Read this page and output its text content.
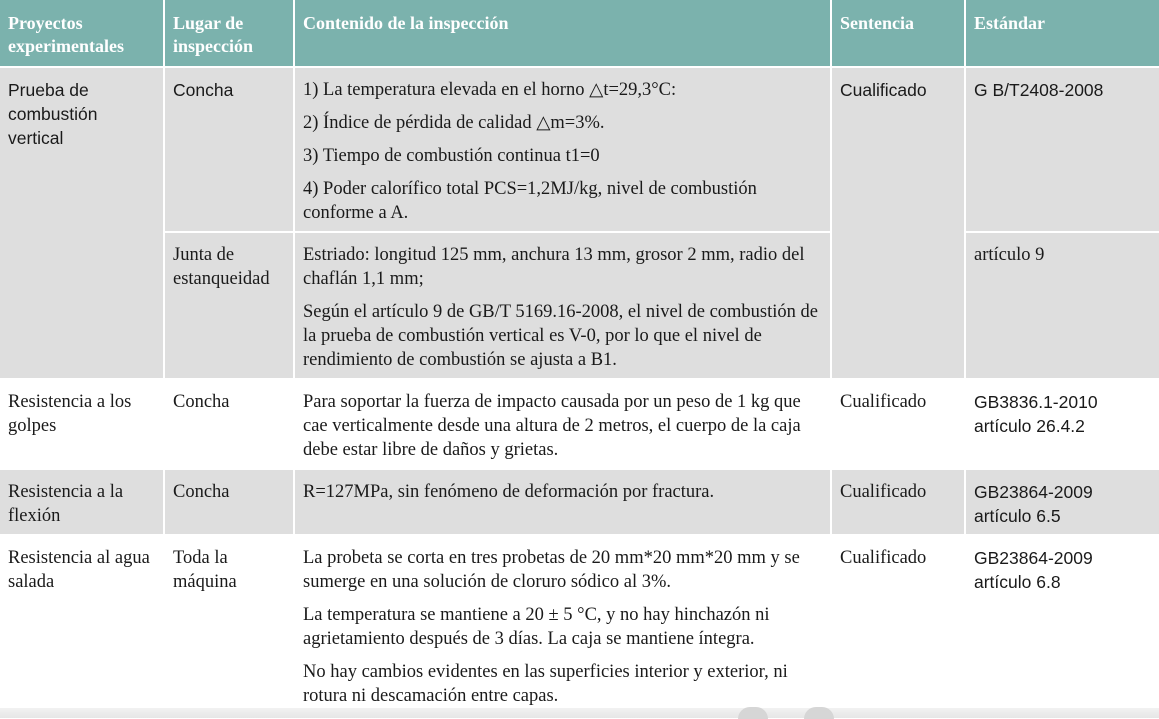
Proyectos experimentales	Lugar de inspección	Contenido de la inspección	Sentencia	Estándar
Prueba de combustión vertical	Concha	1) La temperatura elevada en el horno △t=29,3°C:
2) Índice de pérdida de calidad △m=3%.
3) Tiempo de combustión continua t1=0
4) Poder calorífico total PCS=1,2MJ/kg, nivel de combustión conforme a A.	Cualificado	G B/T2408-2008
	Junta de estanqueidad	Estriado: longitud 125 mm, anchura 13 mm, grosor 2 mm, radio del chaflán 1,1 mm;
Según el artículo 9 de GB/T 5169.16-2008, el nivel de combustión de la prueba de combustión vertical es V-0, por lo que el nivel de rendimiento de combustión se ajusta a B1.		artículo 9
Resistencia a los golpes	Concha	Para soportar la fuerza de impacto causada por un peso de 1 kg que cae verticalmente desde una altura de 2 metros, el cuerpo de la caja debe estar libre de daños y grietas.	Cualificado	GB3836.1-2010 artículo 26.4.2
Resistencia a la flexión	Concha	R=127MPa, sin fenómeno de deformación por fractura.	Cualificado	GB23864-2009 artículo 6.5
Resistencia al agua salada	Toda la máquina	La probeta se corta en tres probetas de 20 mm*20 mm*20 mm y se sumerge en una solución de cloruro sódico al 3%.
La temperatura se mantiene a 20 ± 5 °C, y no hay hinchazón ni agrietamiento después de 3 días. La caja se mantiene íntegra.
No hay cambios evidentes en las superficies interior y exterior, ni rotura ni descamación entre capas.	Cualificado	GB23864-2009 artículo 6.8
